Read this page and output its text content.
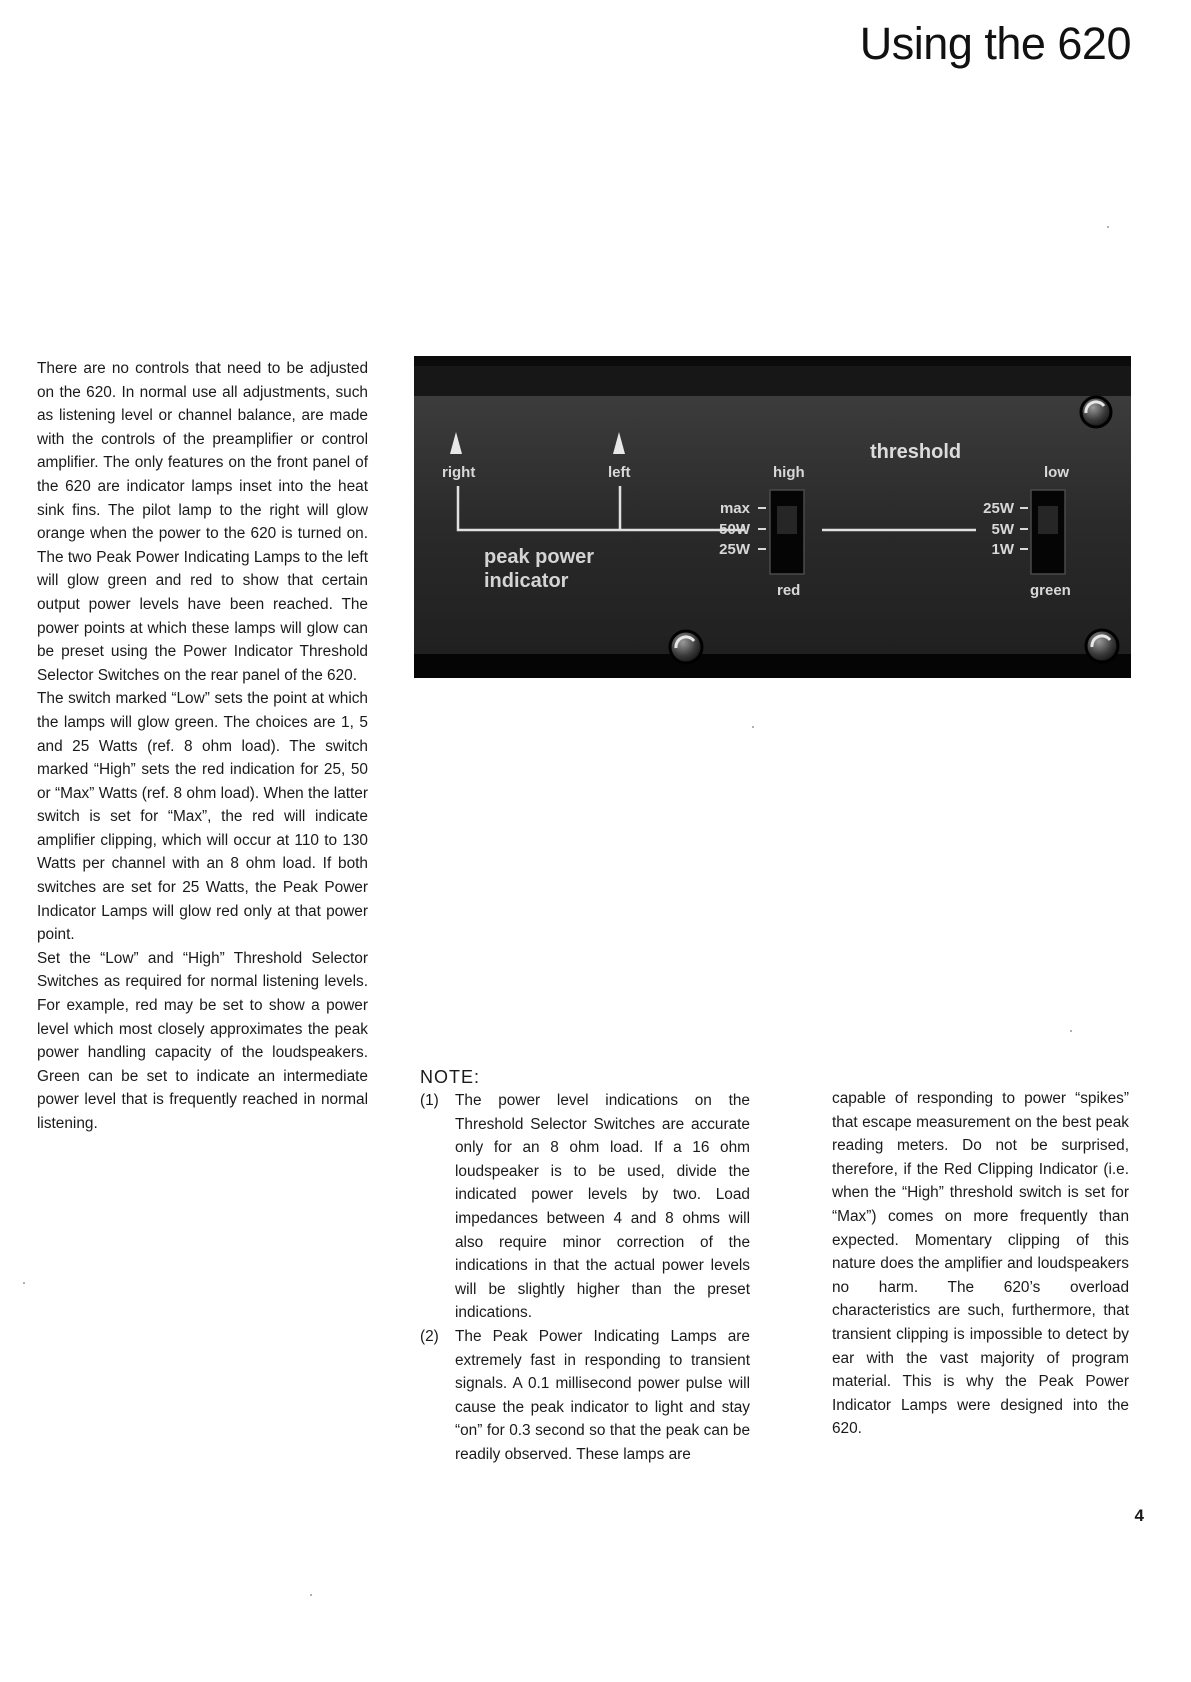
Using the 620

There are no controls that need to be adjusted on the 620. In normal use all adjustments, such as listening level or channel balance, are made with the controls of the preamplifier or control amplifier. The only features on the front panel of the 620 are indicator lamps inset into the heat sink fins. The pilot lamp to the right will glow orange when the power to the 620 is turned on. The two Peak Power Indicating Lamps to the left will glow green and red to show that certain output power levels have been reached. The power points at which these lamps will glow can be preset using the Power Indicator Threshold Selector Switches on the rear panel of the 620.

The switch marked “Low” sets the point at which the lamps will glow green. The choices are 1, 5 and 25 Watts (ref. 8 ohm load). The switch marked “High” sets the red indication for 25, 50 or “Max” Watts (ref. 8 ohm load). When the latter switch is set for “Max”, the red will indicate amplifier clipping, which will occur at 110 to 130 Watts per channel with an 8 ohm load. If both switches are set for 25 Watts, the Peak Power Indicator Lamps will glow red only at that power point.

Set the “Low” and “High” Threshold Selector Switches as required for normal listening levels. For example, red may be set to show a power level which most closely approximates the peak power handling capacity of the loudspeakers. Green can be set to indicate an intermediate power level that is frequently reached in normal listening.

right	left
threshold
high	low
max
50W
25W
red
25W
5W
1W
green
peak power
indicator
NOTE:
(1)	The power level indications on the Threshold Selector Switches are accurate only for an 8 ohm load. If a 16 ohm loudspeaker is to be used, divide the indicated power levels by two. Load impedances between 4 and 8 ohms will also require minor correction of the indications in that the actual power levels will be slightly higher than the preset indications.
(2)	The Peak Power Indicating Lamps are extremely fast in responding to transient signals. A 0.1 millisecond power pulse will cause the peak indicator to light and stay “on” for 0.3 second so that the peak can be readily observed. These lamps are

capable of responding to power “spikes” that escape measurement on the best peak reading meters. Do not be surprised, therefore, if the Red Clipping Indicator (i.e. when the “High” threshold switch is set for “Max”) comes on more frequently than expected. Momentary clipping of this nature does the amplifier and loudspeakers no harm. The 620’s overload characteristics are such, furthermore, that transient clipping is impossible to detect by ear with the vast majority of program material. This is why the Peak Power Indicator Lamps were designed into the 620.

4
